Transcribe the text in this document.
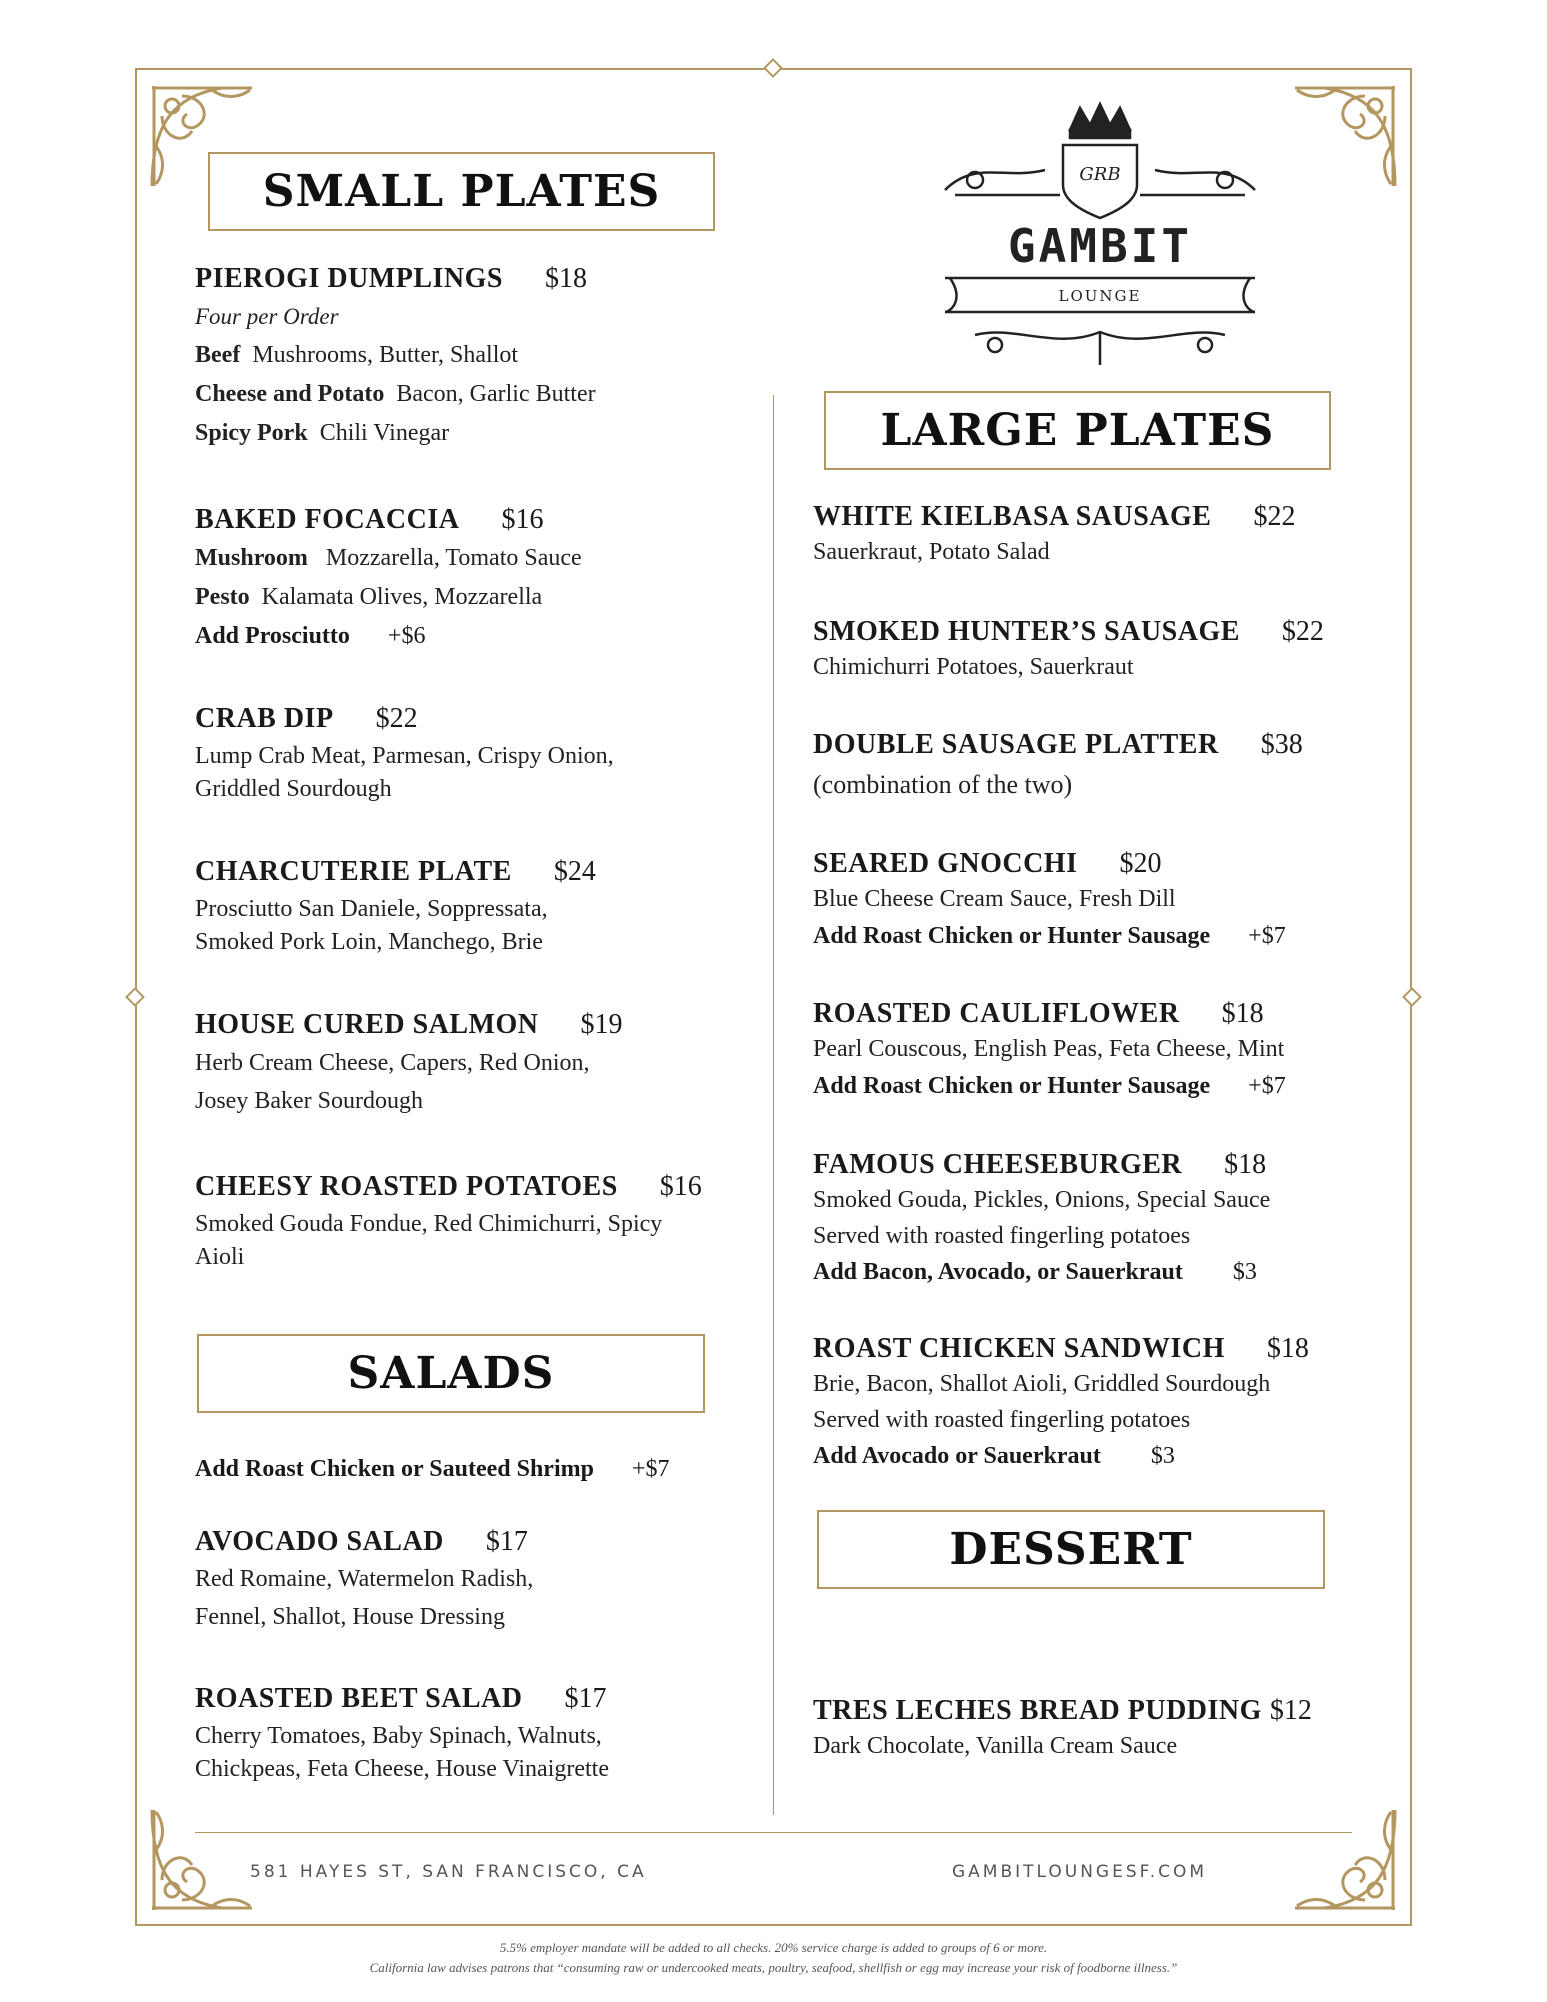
GRB
GAMBIT
LOUNGE
SMALL PLATES
PIEROGI DUMPLINGS $18
Four per Order
Beef Mushrooms, Butter, Shallot
Cheese and Potato Bacon, Garlic Butter
Spicy Pork Chili Vinegar
BAKED FOCACCIA $16
Mushroom Mozzarella, Tomato Sauce
Pesto Kalamata Olives, Mozzarella
Add Prosciutto +$6
CRAB DIP $22
Lump Crab Meat, Parmesan, Crispy Onion,
Griddled Sourdough
CHARCUTERIE PLATE $24
Prosciutto San Daniele, Soppressata,
Smoked Pork Loin, Manchego, Brie
HOUSE CURED SALMON $19
Herb Cream Cheese, Capers, Red Onion,
Josey Baker Sourdough
CHEESY ROASTED POTATOES $16
Smoked Gouda Fondue, Red Chimichurri, Spicy
Aioli
SALADS
Add Roast Chicken or Sauteed Shrimp +$7
AVOCADO SALAD $17
Red Romaine, Watermelon Radish,
Fennel, Shallot, House Dressing
ROASTED BEET SALAD $17
Cherry Tomatoes, Baby Spinach, Walnuts,
Chickpeas, Feta Cheese, House Vinaigrette
LARGE PLATES
WHITE KIELBASA SAUSAGE $22
Sauerkraut, Potato Salad
SMOKED HUNTER’S SAUSAGE $22
Chimichurri Potatoes, Sauerkraut
DOUBLE SAUSAGE PLATTER $38
(combination of the two)
SEARED GNOCCHI $20
Blue Cheese Cream Sauce, Fresh Dill
Add Roast Chicken or Hunter Sausage +$7
ROASTED CAULIFLOWER $18
Pearl Couscous, English Peas, Feta Cheese, Mint
Add Roast Chicken or Hunter Sausage +$7
FAMOUS CHEESEBURGER $18
Smoked Gouda, Pickles, Onions, Special Sauce
Served with roasted fingerling potatoes
Add Bacon, Avocado, or Sauerkraut $3
ROAST CHICKEN SANDWICH $18
Brie, Bacon, Shallot Aioli, Griddled Sourdough
Served with roasted fingerling potatoes
Add Avocado or Sauerkraut $3
DESSERT
TRES LECHES BREAD PUDDING $12
Dark Chocolate, Vanilla Cream Sauce
581 HAYES ST, SAN FRANCISCO, CA	GAMBITLOUNGESF.COM
5.5% employer mandate will be added to all checks. 20% service charge is added to groups of 6 or more.
California law advises patrons that “consuming raw or undercooked meats, poultry, seafood, shellfish or egg may increase your risk of foodborne illness.”
